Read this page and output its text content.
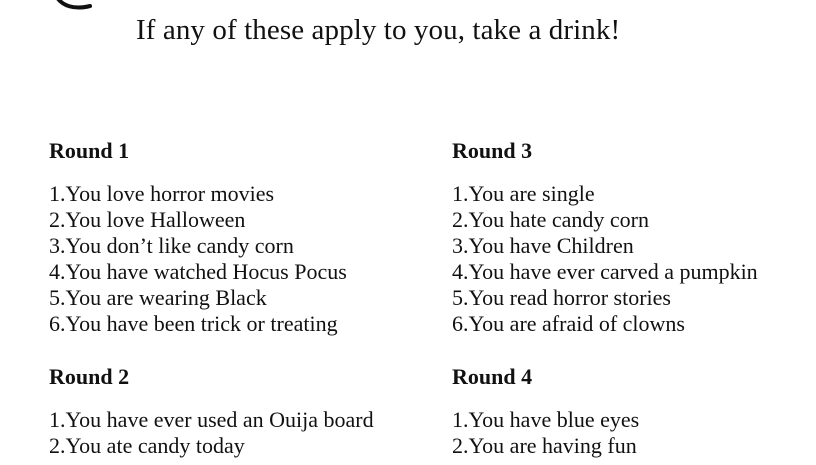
If any of these apply to you, take a drink!
Round 1
1.You love horror movies
2.You love Halloween
3.You don’t like candy corn
4.You have watched Hocus Pocus
5.You are wearing Black
6.You have been trick or treating
Round 3
1.You are single
2.You hate candy corn
3.You have Children
4.You have ever carved a pumpkin
5.You read horror stories
6.You are afraid of clowns
Round 2
1.You have ever used an Ouija board
2.You ate candy today
Round 4
1.You have blue eyes
2.You are having fun
